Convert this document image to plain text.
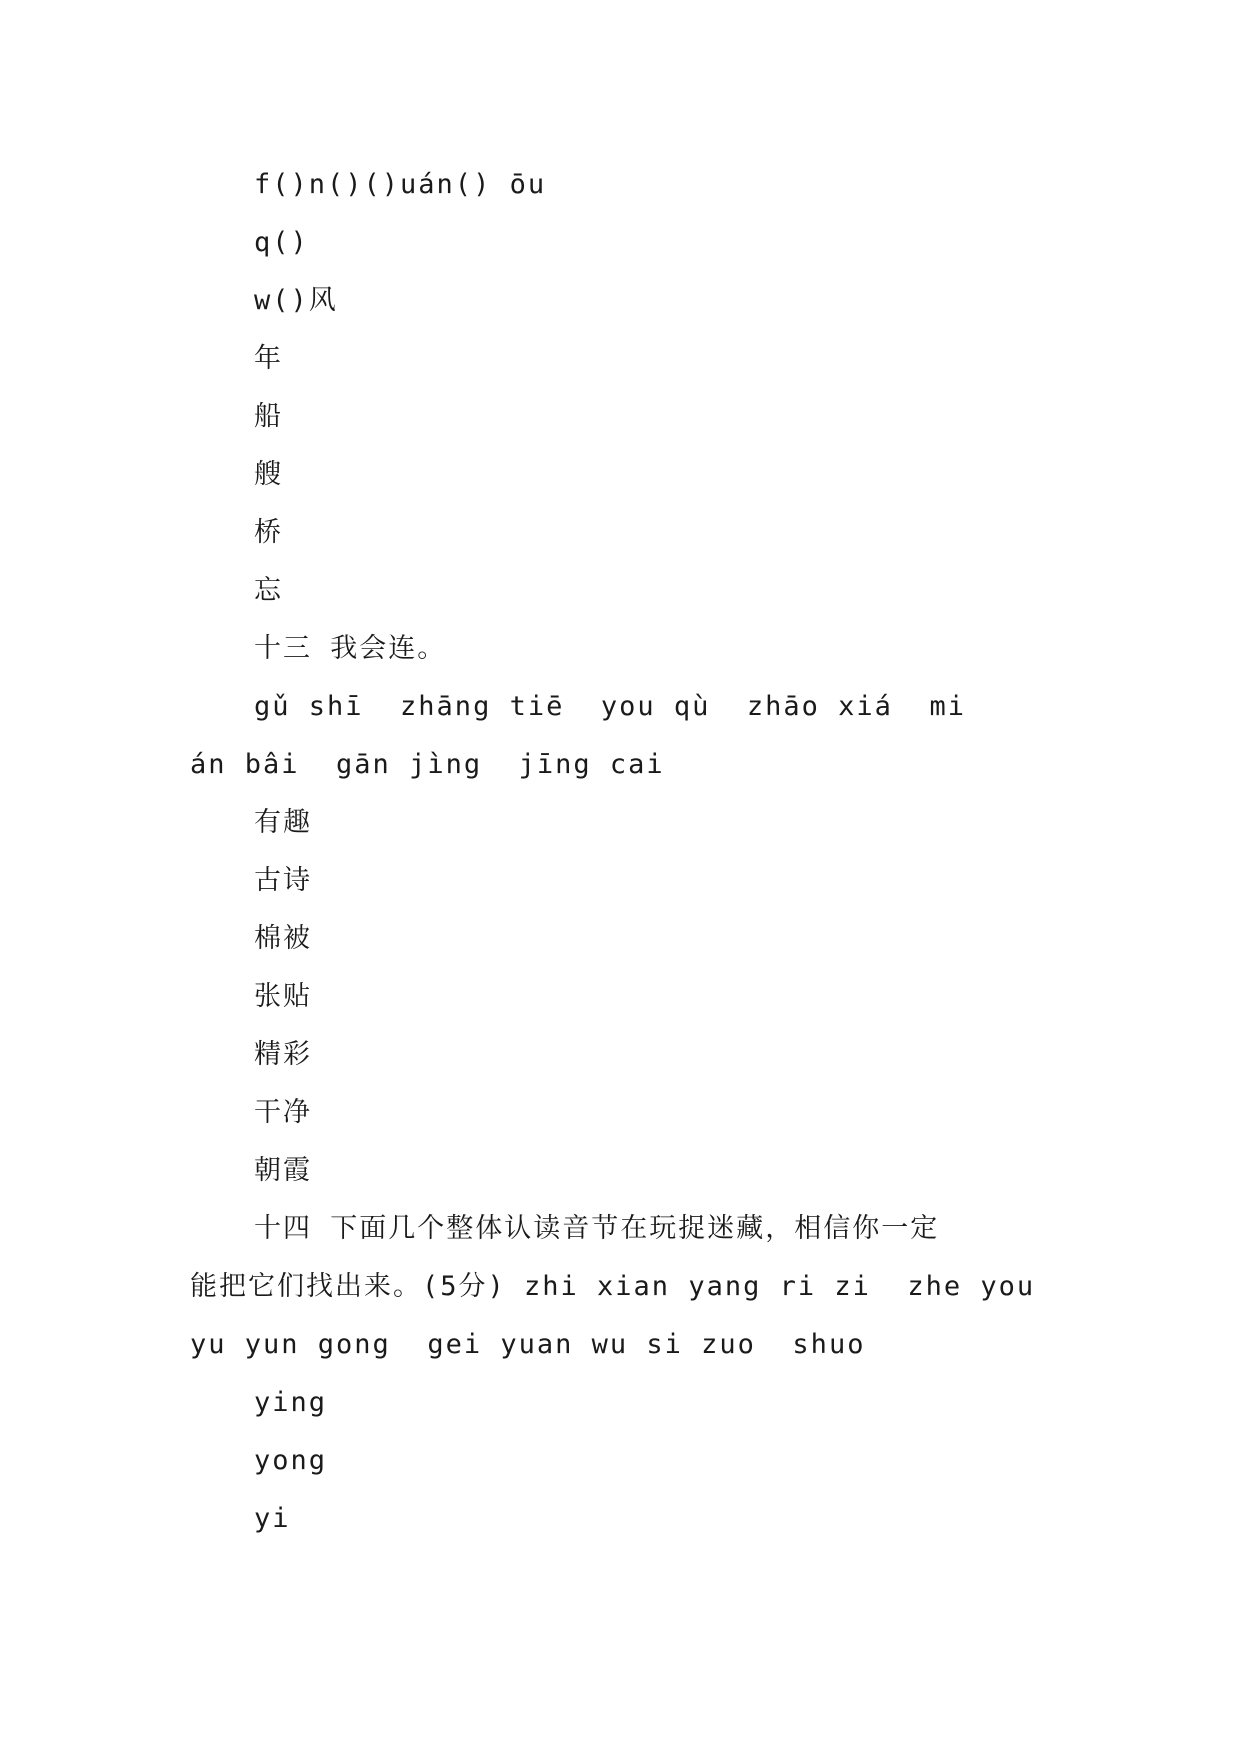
f()n()()uán() ōu
q()
w()风
年
船
艘
桥
忘
十三 我会连。
gǔ shī  zhāng tiē  you qù  zhāo xiá  mi
án bâi  gān jìng  jīng cai
有趣
古诗
棉被
张贴
精彩
干净
朝霞
十四 下面几个整体认读音节在玩捉迷藏，相信你一定
能把它们找出来。(5分) zhi xian yang ri zi  zhe you
yu yun gong  gei yuan wu si zuo  shuo
ying
yong
yi
